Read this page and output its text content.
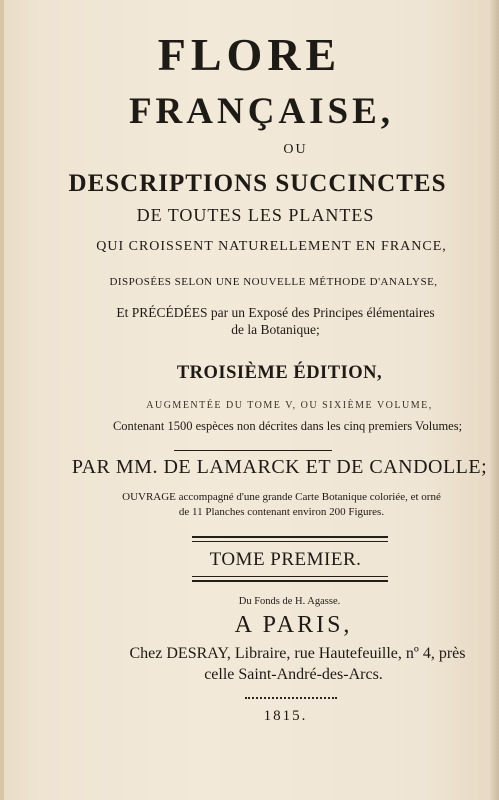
FLORE
FRANÇAISE,
OU
DESCRIPTIONS SUCCINCTES
DE TOUTES LES PLANTES
QUI CROISSENT NATURELLEMENT EN FRANCE,
DISPOSÉES SELON UNE NOUVELLE MÉTHODE D'ANALYSE,
Et PRÉCÉDÉES par un Exposé des Principes élémentaires
de la Botanique;
TROISIÈME ÉDITION,
AUGMENTÉE DU TOME V, OU SIXIÈME VOLUME,
Contenant 1500 espèces non décrites dans les cinq premiers Volumes;
PAR MM. DE LAMARCK ET DE CANDOLLE;
OUVRAGE accompagné d'une grande Carte Botanique coloriée, et orné
de 11 Planches contenant environ 200 Figures.
TOME PREMIER.
Du Fonds de H. Agasse.
A PARIS,
Chez DESRAY, Libraire, rue Hautefeuille, nº 4, près
celle Saint-André-des-Arcs.
1815.
